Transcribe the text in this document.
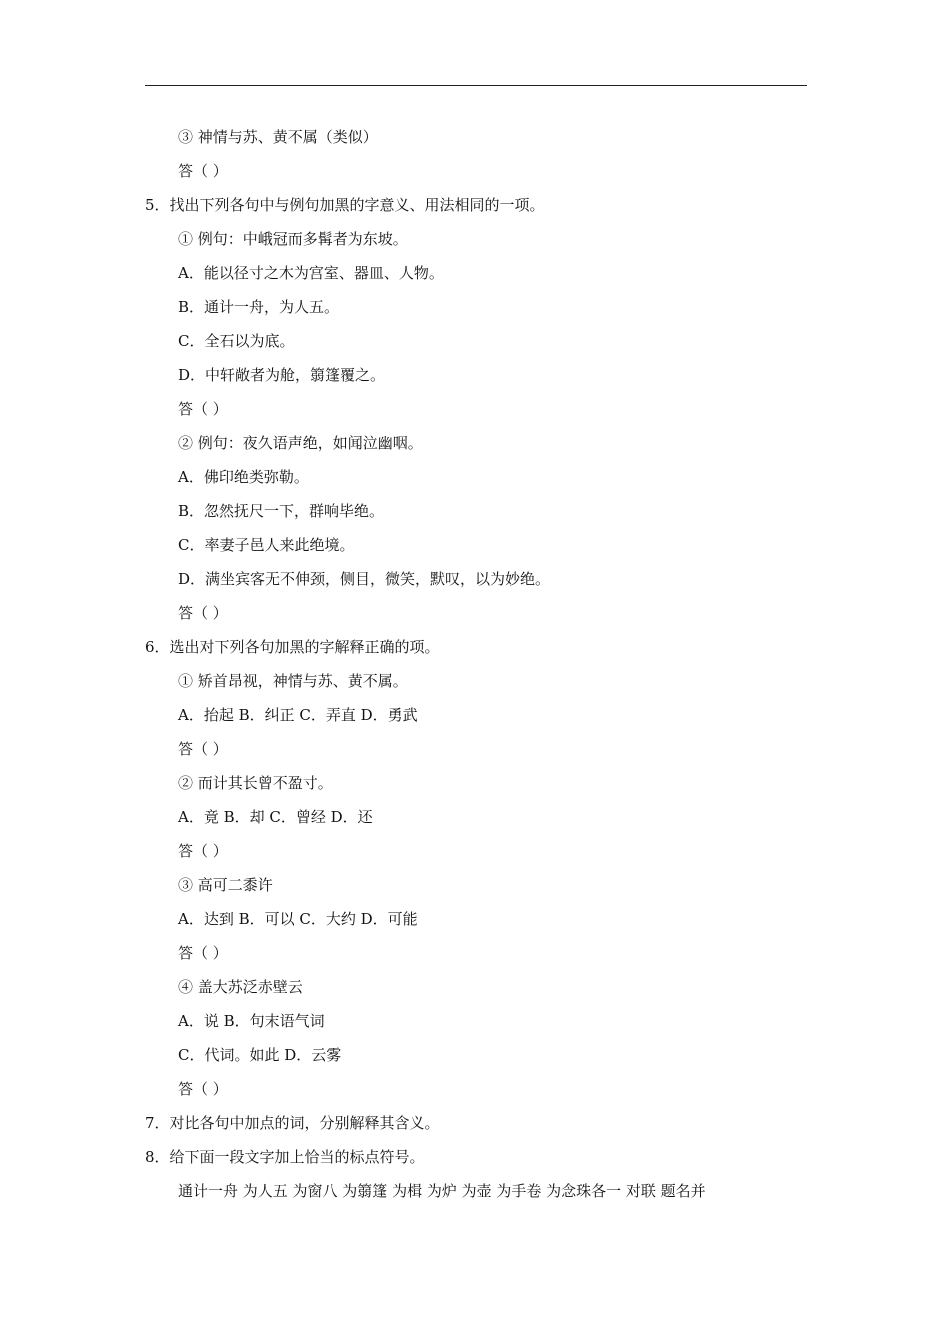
③ 神情与苏、黄不属（类似）
答（ ）
5．找出下列各句中与例句加黑的字意义、用法相同的一项。
① 例句：中峨冠而多髯者为东坡。
A．能以径寸之木为宫室、器皿、人物。
B．通计一舟，为人五。
C．全石以为底。
D．中轩敞者为舱，篛篷覆之。
答（ ）
② 例句：夜久语声绝，如闻泣幽咽。
A．佛印绝类弥勒。
B．忽然抚尺一下，群响毕绝。
C．率妻子邑人来此绝境。
D．满坐宾客无不伸颈，侧目，微笑，默叹，以为妙绝。
答（ ）
6．选出对下列各句加黑的字解释正确的项。
① 矫首昂视，神情与苏、黄不属。
A．抬起 B．纠正 C．弄直 D．勇武
答（ ）
② 而计其长曾不盈寸。
A．竟 B．却 C．曾经 D．还
答（ ）
③ 高可二黍许
A．达到 B．可以 C．大约 D．可能
答（ ）
④ 盖大苏泛赤壁云
A．说 B．句末语气词
C．代词。如此 D．云雾
答（ ）
7．对比各句中加点的词，分别解释其含义。
8．给下面一段文字加上恰当的标点符号。
通计一舟 为人五 为窗八 为篛篷 为楫 为炉 为壶 为手卷 为念珠各一 对联 题名并
